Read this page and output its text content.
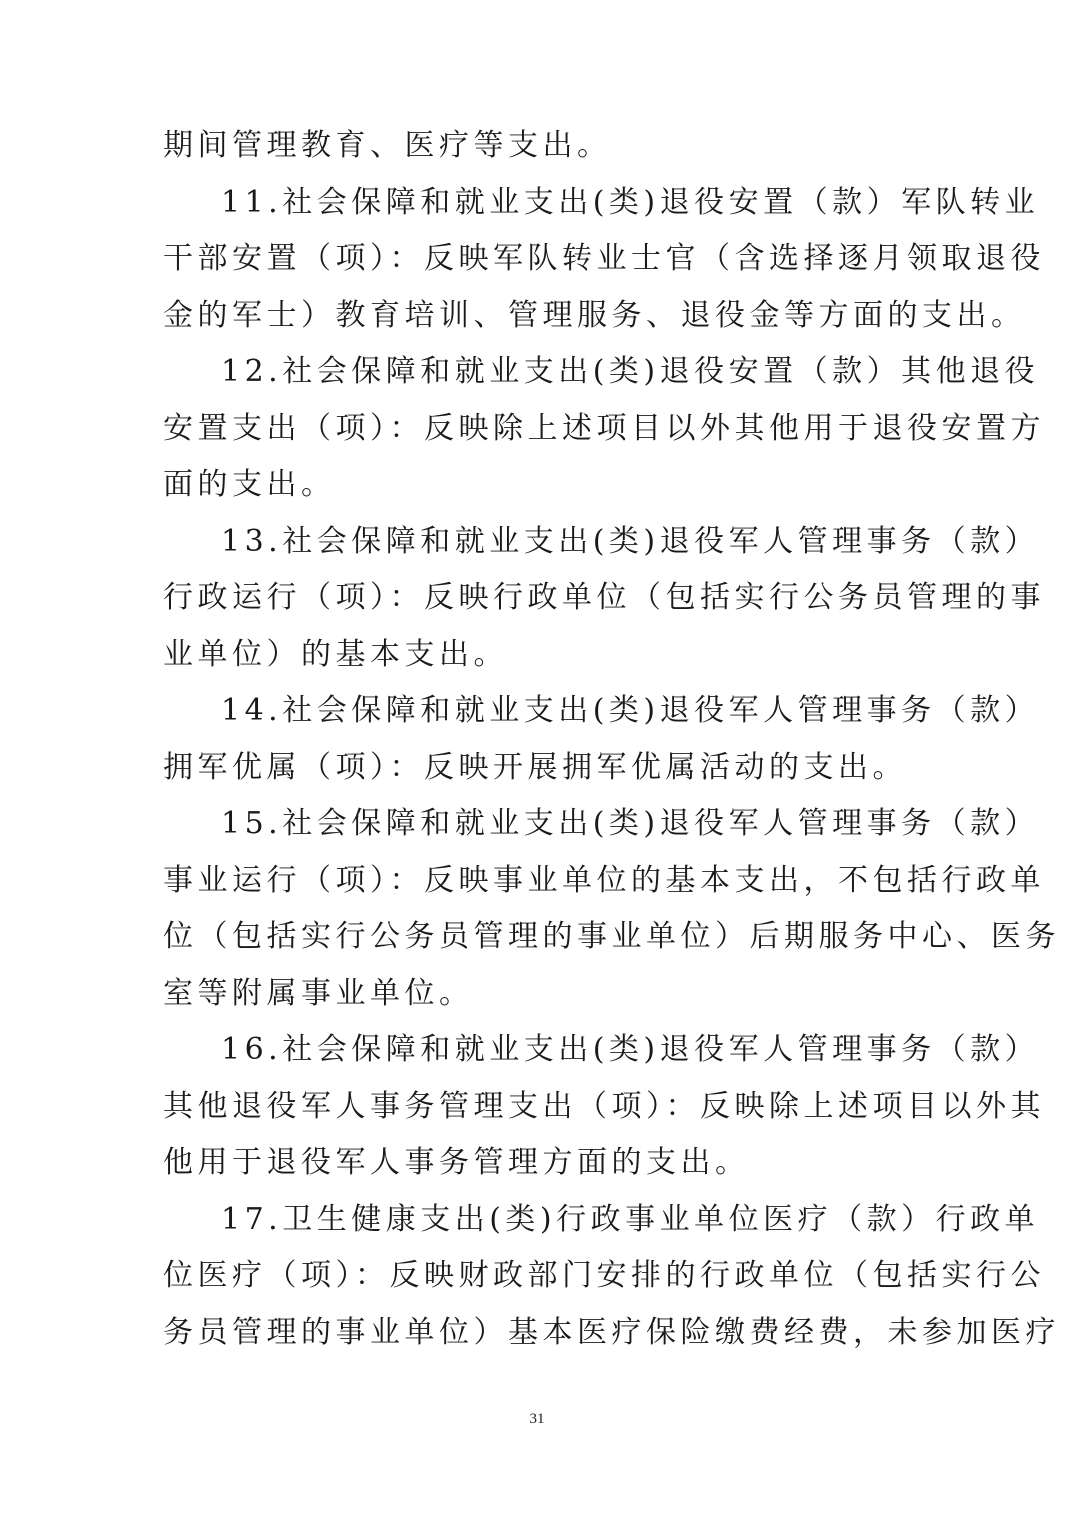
期间管理教育、医疗等支出。
11.社会保障和就业支出(类)退役安置（款）军队转业
干部安置（项）：反映军队转业士官（含选择逐月领取退役
金的军士）教育培训、管理服务、退役金等方面的支出。
12.社会保障和就业支出(类)退役安置（款）其他退役
安置支出（项）：反映除上述项目以外其他用于退役安置方
面的支出。
13.社会保障和就业支出(类)退役军人管理事务（款）
行政运行（项）：反映行政单位（包括实行公务员管理的事
业单位）的基本支出。
14.社会保障和就业支出(类)退役军人管理事务（款）
拥军优属（项）：反映开展拥军优属活动的支出。
15.社会保障和就业支出(类)退役军人管理事务（款）
事业运行（项）：反映事业单位的基本支出，不包括行政单
位（包括实行公务员管理的事业单位）后期服务中心、医务
室等附属事业单位。
16.社会保障和就业支出(类)退役军人管理事务（款）
其他退役军人事务管理支出（项）：反映除上述项目以外其
他用于退役军人事务管理方面的支出。
17.卫生健康支出(类)行政事业单位医疗（款）行政单
位医疗（项）：反映财政部门安排的行政单位（包括实行公
务员管理的事业单位）基本医疗保险缴费经费，未参加医疗
31
